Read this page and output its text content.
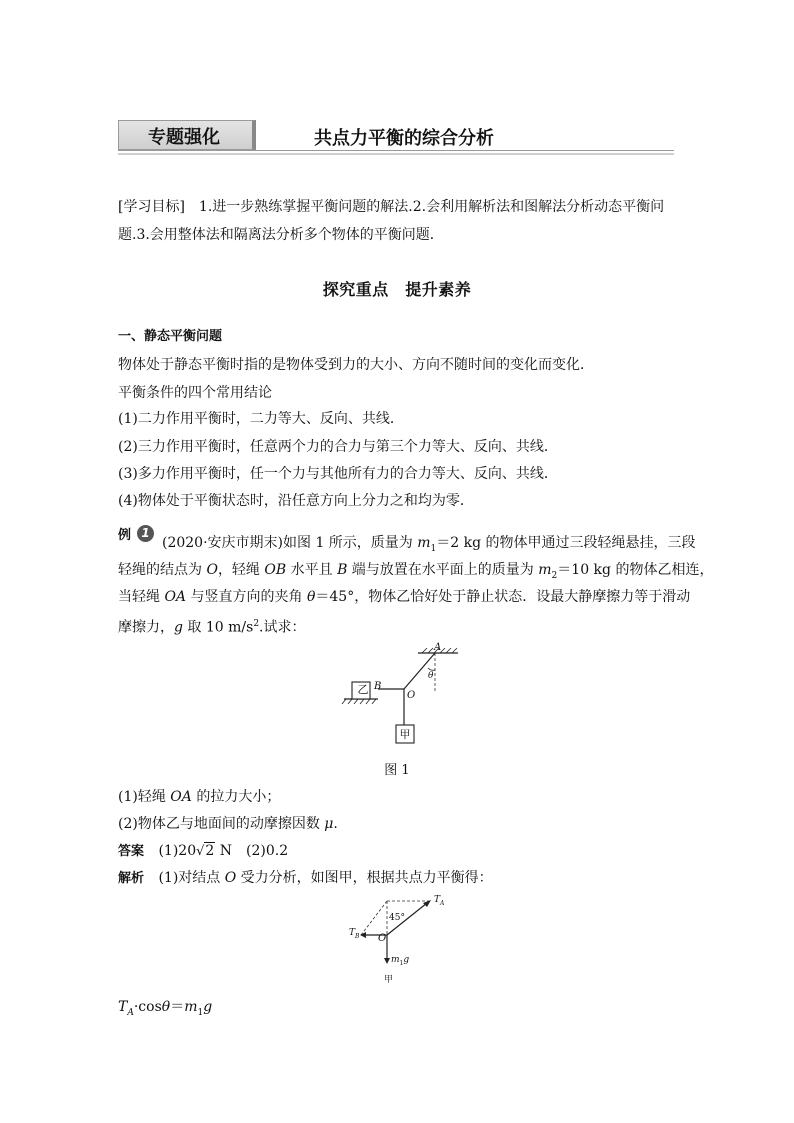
专题强化	共点力平衡的综合分析
[学习目标]　1.进一步熟练掌握平衡问题的解法.2.会利用解析法和图解法分析动态平衡问
题.3.会用整体法和隔离法分析多个物体的平衡问题．
探究重点　提升素养
一、静态平衡问题
物体处于静态平衡时指的是物体受到力的大小、方向不随时间的变化而变化．
平衡条件的四个常用结论
(1)二力作用平衡时，二力等大、反向、共线．
(2)三力作用平衡时，任意两个力的合力与第三个力等大、反向、共线．
(3)多力作用平衡时，任一个力与其他所有力的合力等大、反向、共线．
(4)物体处于平衡状态时，沿任意方向上分力之和均为零．
例 1
(2020·安庆市期末)如图 1 所示，质量为 $m_1=2$ kg 的物体甲通过三段轻绳悬挂，三段
轻绳的结点为 O，轻绳 OB 水平且 B 端与放置在水平面上的质量为 $m_2=10$ kg 的物体乙相连，
当轻绳 OA 与竖直方向的夹角 θ＝45°，物体乙恰好处于静止状态．设最大静摩擦力等于滑动
摩擦力，g 取 10 $m/s^2$.试求：
A
B
O
θ
乙
甲
图 1
(1)轻绳 OA 的拉力大小；
(2)物体乙与地面间的动摩擦因数 μ.
答案 (1)20√2 N　(2)0.2
解析 (1)对结点 O 受力分析，如图甲，根据共点力平衡得：
$T_A$
$T_B$
45°
O
$m_1g$
甲
$T_A\cdot\cos\theta=m_1g$
